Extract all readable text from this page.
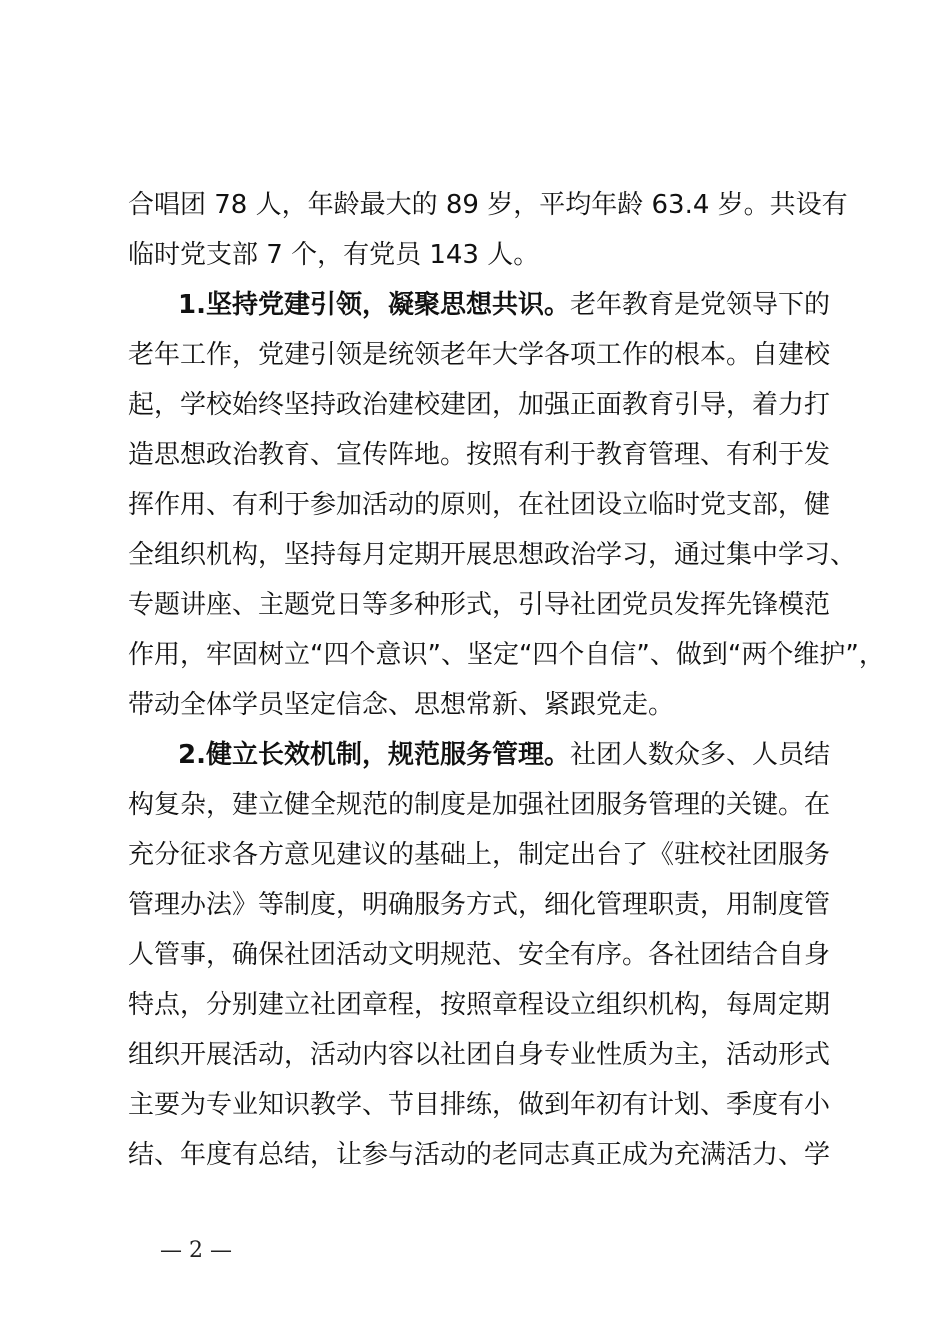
合唱团 78 人，年龄最大的 89 岁，平均年龄 63.4 岁。共设有
临时党支部 7 个，有党员 143 人。
1.坚持党建引领，凝聚思想共识。老年教育是党领导下的
老年工作，党建引领是统领老年大学各项工作的根本。自建校
起，学校始终坚持政治建校建团，加强正面教育引导，着力打
造思想政治教育、宣传阵地。按照有利于教育管理、有利于发
挥作用、有利于参加活动的原则，在社团设立临时党支部，健
全组织机构，坚持每月定期开展思想政治学习，通过集中学习、
专题讲座、主题党日等多种形式，引导社团党员发挥先锋模范
作用，牢固树立“四个意识”、坚定“四个自信”、做到“两个维护”，
带动全体学员坚定信念、思想常新、紧跟党走。
2.健立长效机制，规范服务管理。社团人数众多、人员结
构复杂，建立健全规范的制度是加强社团服务管理的关键。在
充分征求各方意见建议的基础上，制定出台了《驻校社团服务
管理办法》等制度，明确服务方式，细化管理职责，用制度管
人管事，确保社团活动文明规范、安全有序。各社团结合自身
特点，分别建立社团章程，按照章程设立组织机构，每周定期
组织开展活动，活动内容以社团自身专业性质为主，活动形式
主要为专业知识教学、节目排练，做到年初有计划、季度有小
结、年度有总结，让参与活动的老同志真正成为充满活力、学
— 2 —
